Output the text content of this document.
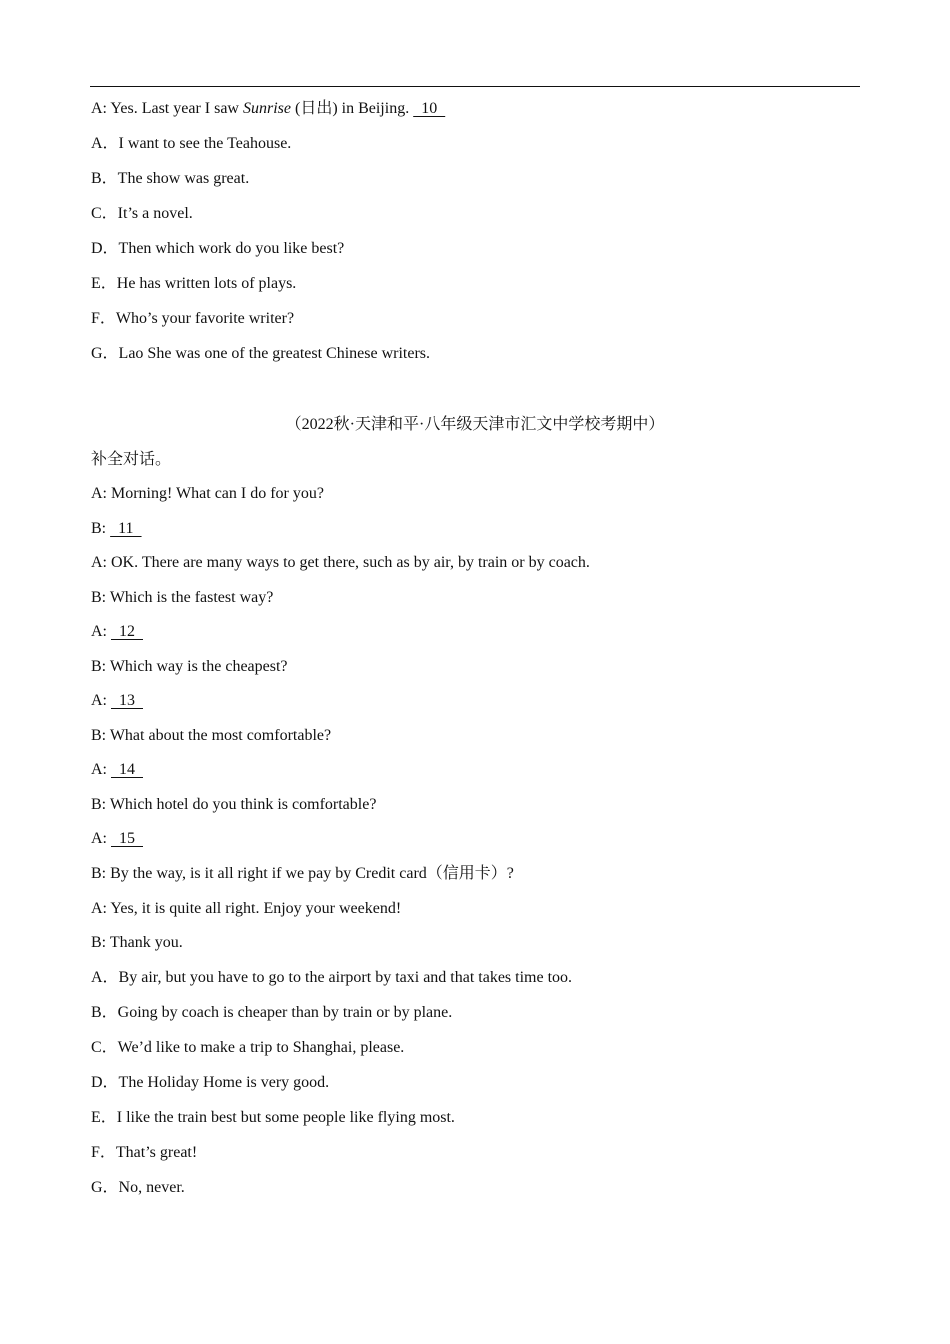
A: Yes. Last year I saw Sunrise (日出) in Beijing.   10
A．I want to see the Teahouse.
B．The show was great.
C．It’s a novel.
D．Then which work do you like best?
E．He has written lots of plays.
F．Who’s your favorite writer?
G．Lao She was one of the greatest Chinese writers.
（2022秋·天津和平·八年级天津市汇文中学校考期中）
补全对话。
A: Morning! What can I do for you?
B:   11
A: OK. There are many ways to get there, such as by air, by train or by coach.
B: Which is the fastest way?
A:   12
B: Which way is the cheapest?
A:   13
B: What about the most comfortable?
A:   14
B: Which hotel do you think is comfortable?
A:   15
B: By the way, is it all right if we pay by Credit card（信用卡）?
A: Yes, it is quite all right. Enjoy your weekend!
B: Thank you.
A．By air, but you have to go to the airport by taxi and that takes time too.
B．Going by coach is cheaper than by train or by plane.
C．We’d like to make a trip to Shanghai, please.
D．The Holiday Home is very good.
E．I like the train best but some people like flying most.
F．That’s great!
G．No, never.
